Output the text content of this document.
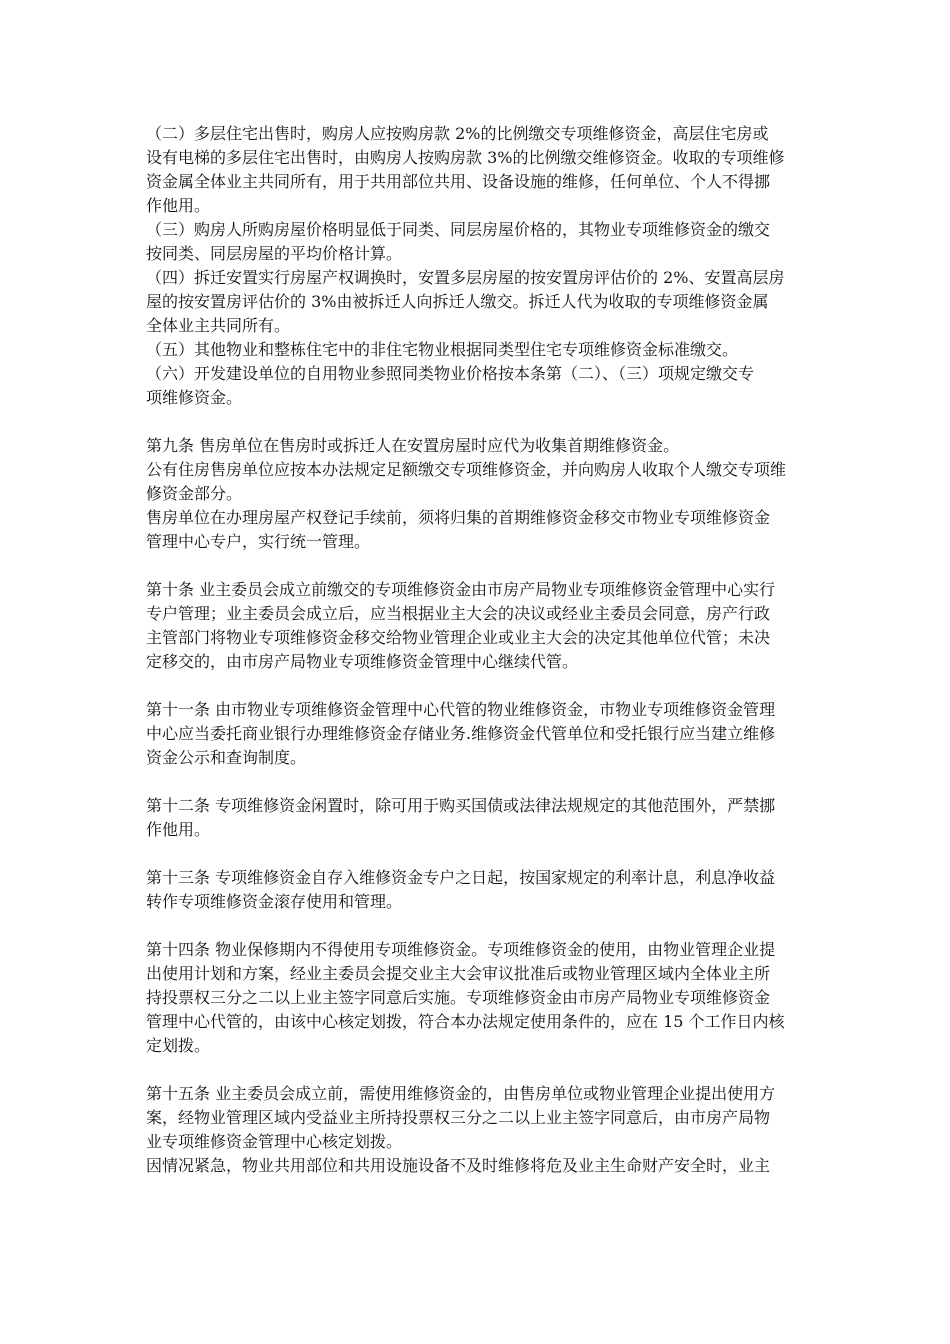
（二）多层住宅出售时，购房人应按购房款 2%的比例缴交专项维修资金，高层住宅房或
设有电梯的多层住宅出售时，由购房人按购房款 3%的比例缴交维修资金。收取的专项维修
资金属全体业主共同所有，用于共用部位共用、设备设施的维修，任何单位、个人不得挪
作他用。
（三）购房人所购房屋价格明显低于同类、同层房屋价格的，其物业专项维修资金的缴交
按同类、同层房屋的平均价格计算。
（四）拆迁安置实行房屋产权调换时，安置多层房屋的按安置房评估价的 2%、安置高层房
屋的按安置房评估价的 3%由被拆迁人向拆迁人缴交。拆迁人代为收取的专项维修资金属
全体业主共同所有。
（五）其他物业和整栋住宅中的非住宅物业根据同类型住宅专项维修资金标准缴交。
（六）开发建设单位的自用物业参照同类物业价格按本条第（二）、（三）项规定缴交专
项维修资金。
第九条 售房单位在售房时或拆迁人在安置房屋时应代为收集首期维修资金。
公有住房售房单位应按本办法规定足额缴交专项维修资金，并向购房人收取个人缴交专项维
修资金部分。
售房单位在办理房屋产权登记手续前，须将归集的首期维修资金移交市物业专项维修资金
管理中心专户，实行统一管理。
第十条 业主委员会成立前缴交的专项维修资金由市房产局物业专项维修资金管理中心实行
专户管理；业主委员会成立后，应当根据业主大会的决议或经业主委员会同意，房产行政
主管部门将物业专项维修资金移交给物业管理企业或业主大会的决定其他单位代管；未决
定移交的，由市房产局物业专项维修资金管理中心继续代管。
第十一条 由市物业专项维修资金管理中心代管的物业维修资金，市物业专项维修资金管理
中心应当委托商业银行办理维修资金存储业务.维修资金代管单位和受托银行应当建立维修
资金公示和查询制度。
第十二条 专项维修资金闲置时，除可用于购买国债或法律法规规定的其他范围外，严禁挪
作他用。
第十三条 专项维修资金自存入维修资金专户之日起，按国家规定的利率计息，利息净收益
转作专项维修资金滚存使用和管理。
第十四条 物业保修期内不得使用专项维修资金。专项维修资金的使用，由物业管理企业提
出使用计划和方案，经业主委员会提交业主大会审议批准后或物业管理区域内全体业主所
持投票权三分之二以上业主签字同意后实施。专项维修资金由市房产局物业专项维修资金
管理中心代管的，由该中心核定划拨，符合本办法规定使用条件的，应在 15 个工作日内核
定划拨。
第十五条 业主委员会成立前，需使用维修资金的，由售房单位或物业管理企业提出使用方
案，经物业管理区域内受益业主所持投票权三分之二以上业主签字同意后，由市房产局物
业专项维修资金管理中心核定划拨。
因情况紧急，物业共用部位和共用设施设备不及时维修将危及业主生命财产安全时，业主
